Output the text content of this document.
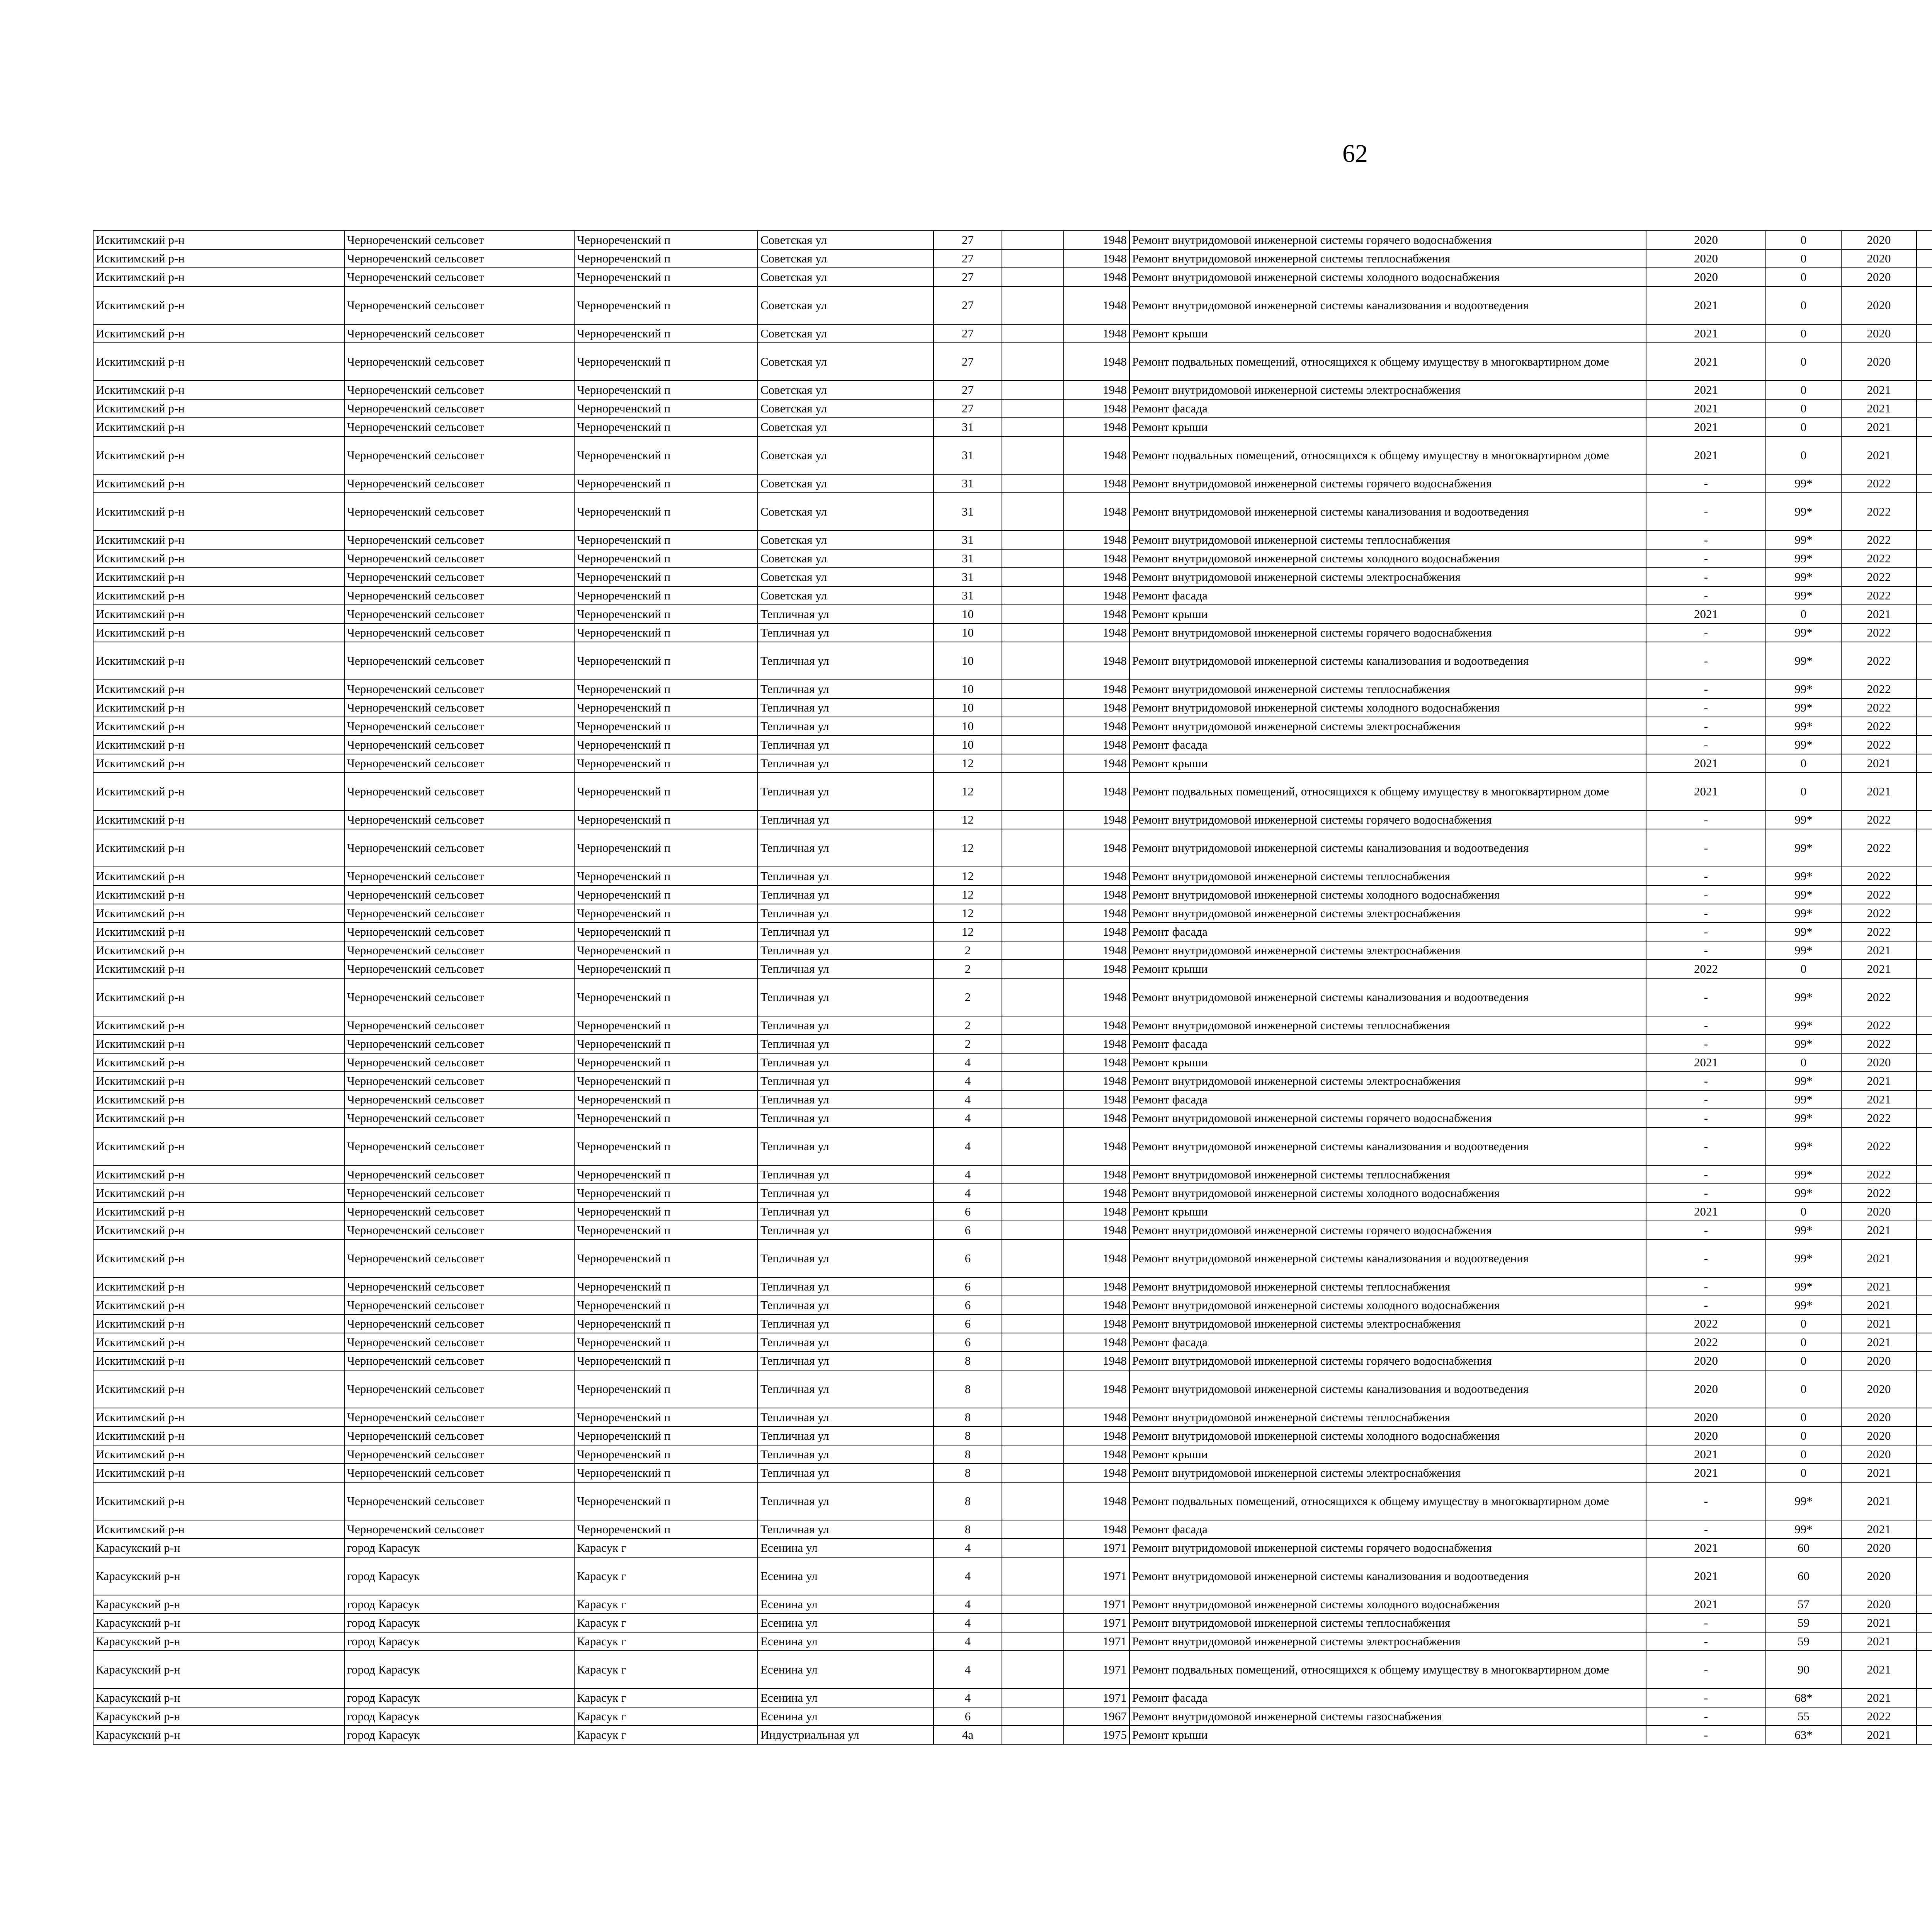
62
Искитимский р-н	Чернореченский сельсовет	Чернореченский п	Советская ул	27		1948	Ремонт внутридомовой инженерной системы горячего водоснабжения	2020	0	2020						
Искитимский р-н	Чернореченский сельсовет	Чернореченский п	Советская ул	27		1948	Ремонт внутридомовой инженерной системы теплоснабжения	2020	0	2020						
Искитимский р-н	Чернореченский сельсовет	Чернореченский п	Советская ул	27		1948	Ремонт внутридомовой инженерной системы холодного водоснабжения	2020	0	2020						
Искитимский р-н	Чернореченский сельсовет	Чернореченский п	Советская ул	27		1948	Ремонт внутридомовой инженерной системы канализования и водоотведения	2021	0	2020						
Искитимский р-н	Чернореченский сельсовет	Чернореченский п	Советская ул	27		1948	Ремонт крыши	2021	0	2020						
Искитимский р-н	Чернореченский сельсовет	Чернореченский п	Советская ул	27		1948	Ремонт подвальных помещений, относящихся к общему имуществу в многоквартирном доме	2021	0	2020						
Искитимский р-н	Чернореченский сельсовет	Чернореченский п	Советская ул	27		1948	Ремонт внутридомовой инженерной системы электроснабжения	2021	0	2021						
Искитимский р-н	Чернореченский сельсовет	Чернореченский п	Советская ул	27		1948	Ремонт фасада	2021	0	2021						
Искитимский р-н	Чернореченский сельсовет	Чернореченский п	Советская ул	31		1948	Ремонт крыши	2021	0	2021						
Искитимский р-н	Чернореченский сельсовет	Чернореченский п	Советская ул	31		1948	Ремонт подвальных помещений, относящихся к общему имуществу в многоквартирном доме	2021	0	2021						
Искитимский р-н	Чернореченский сельсовет	Чернореченский п	Советская ул	31		1948	Ремонт внутридомовой инженерной системы горячего водоснабжения	-	99*	2022						
Искитимский р-н	Чернореченский сельсовет	Чернореченский п	Советская ул	31		1948	Ремонт внутридомовой инженерной системы канализования и водоотведения	-	99*	2022						
Искитимский р-н	Чернореченский сельсовет	Чернореченский п	Советская ул	31		1948	Ремонт внутридомовой инженерной системы теплоснабжения	-	99*	2022						
Искитимский р-н	Чернореченский сельсовет	Чернореченский п	Советская ул	31		1948	Ремонт внутридомовой инженерной системы холодного водоснабжения	-	99*	2022						
Искитимский р-н	Чернореченский сельсовет	Чернореченский п	Советская ул	31		1948	Ремонт внутридомовой инженерной системы электроснабжения	-	99*	2022						
Искитимский р-н	Чернореченский сельсовет	Чернореченский п	Советская ул	31		1948	Ремонт фасада	-	99*	2022						
Искитимский р-н	Чернореченский сельсовет	Чернореченский п	Тепличная ул	10		1948	Ремонт крыши	2021	0	2021						
Искитимский р-н	Чернореченский сельсовет	Чернореченский п	Тепличная ул	10		1948	Ремонт внутридомовой инженерной системы горячего водоснабжения	-	99*	2022						
Искитимский р-н	Чернореченский сельсовет	Чернореченский п	Тепличная ул	10		1948	Ремонт внутридомовой инженерной системы канализования и водоотведения	-	99*	2022						
Искитимский р-н	Чернореченский сельсовет	Чернореченский п	Тепличная ул	10		1948	Ремонт внутридомовой инженерной системы теплоснабжения	-	99*	2022						
Искитимский р-н	Чернореченский сельсовет	Чернореченский п	Тепличная ул	10		1948	Ремонт внутридомовой инженерной системы холодного водоснабжения	-	99*	2022						
Искитимский р-н	Чернореченский сельсовет	Чернореченский п	Тепличная ул	10		1948	Ремонт внутридомовой инженерной системы электроснабжения	-	99*	2022						
Искитимский р-н	Чернореченский сельсовет	Чернореченский п	Тепличная ул	10		1948	Ремонт фасада	-	99*	2022						
Искитимский р-н	Чернореченский сельсовет	Чернореченский п	Тепличная ул	12		1948	Ремонт крыши	2021	0	2021						
Искитимский р-н	Чернореченский сельсовет	Чернореченский п	Тепличная ул	12		1948	Ремонт подвальных помещений, относящихся к общему имуществу в многоквартирном доме	2021	0	2021						
Искитимский р-н	Чернореченский сельсовет	Чернореченский п	Тепличная ул	12		1948	Ремонт внутридомовой инженерной системы горячего водоснабжения	-	99*	2022						
Искитимский р-н	Чернореченский сельсовет	Чернореченский п	Тепличная ул	12		1948	Ремонт внутридомовой инженерной системы канализования и водоотведения	-	99*	2022						
Искитимский р-н	Чернореченский сельсовет	Чернореченский п	Тепличная ул	12		1948	Ремонт внутридомовой инженерной системы теплоснабжения	-	99*	2022						
Искитимский р-н	Чернореченский сельсовет	Чернореченский п	Тепличная ул	12		1948	Ремонт внутридомовой инженерной системы холодного водоснабжения	-	99*	2022						
Искитимский р-н	Чернореченский сельсовет	Чернореченский п	Тепличная ул	12		1948	Ремонт внутридомовой инженерной системы электроснабжения	-	99*	2022						
Искитимский р-н	Чернореченский сельсовет	Чернореченский п	Тепличная ул	12		1948	Ремонт фасада	-	99*	2022						
Искитимский р-н	Чернореченский сельсовет	Чернореченский п	Тепличная ул	2		1948	Ремонт внутридомовой инженерной системы электроснабжения	-	99*	2021						
Искитимский р-н	Чернореченский сельсовет	Чернореченский п	Тепличная ул	2		1948	Ремонт крыши	2022	0	2021						
Искитимский р-н	Чернореченский сельсовет	Чернореченский п	Тепличная ул	2		1948	Ремонт внутридомовой инженерной системы канализования и водоотведения	-	99*	2022						
Искитимский р-н	Чернореченский сельсовет	Чернореченский п	Тепличная ул	2		1948	Ремонт внутридомовой инженерной системы теплоснабжения	-	99*	2022						
Искитимский р-н	Чернореченский сельсовет	Чернореченский п	Тепличная ул	2		1948	Ремонт фасада	-	99*	2022						
Искитимский р-н	Чернореченский сельсовет	Чернореченский п	Тепличная ул	4		1948	Ремонт крыши	2021	0	2020						
Искитимский р-н	Чернореченский сельсовет	Чернореченский п	Тепличная ул	4		1948	Ремонт внутридомовой инженерной системы электроснабжения	-	99*	2021						
Искитимский р-н	Чернореченский сельсовет	Чернореченский п	Тепличная ул	4		1948	Ремонт фасада	-	99*	2021						
Искитимский р-н	Чернореченский сельсовет	Чернореченский п	Тепличная ул	4		1948	Ремонт внутридомовой инженерной системы горячего водоснабжения	-	99*	2022						
Искитимский р-н	Чернореченский сельсовет	Чернореченский п	Тепличная ул	4		1948	Ремонт внутридомовой инженерной системы канализования и водоотведения	-	99*	2022						
Искитимский р-н	Чернореченский сельсовет	Чернореченский п	Тепличная ул	4		1948	Ремонт внутридомовой инженерной системы теплоснабжения	-	99*	2022						
Искитимский р-н	Чернореченский сельсовет	Чернореченский п	Тепличная ул	4		1948	Ремонт внутридомовой инженерной системы холодного водоснабжения	-	99*	2022						
Искитимский р-н	Чернореченский сельсовет	Чернореченский п	Тепличная ул	6		1948	Ремонт крыши	2021	0	2020						
Искитимский р-н	Чернореченский сельсовет	Чернореченский п	Тепличная ул	6		1948	Ремонт внутридомовой инженерной системы горячего водоснабжения	-	99*	2021						
Искитимский р-н	Чернореченский сельсовет	Чернореченский п	Тепличная ул	6		1948	Ремонт внутридомовой инженерной системы канализования и водоотведения	-	99*	2021						
Искитимский р-н	Чернореченский сельсовет	Чернореченский п	Тепличная ул	6		1948	Ремонт внутридомовой инженерной системы теплоснабжения	-	99*	2021						
Искитимский р-н	Чернореченский сельсовет	Чернореченский п	Тепличная ул	6		1948	Ремонт внутридомовой инженерной системы холодного водоснабжения	-	99*	2021						
Искитимский р-н	Чернореченский сельсовет	Чернореченский п	Тепличная ул	6		1948	Ремонт внутридомовой инженерной системы электроснабжения	2022	0	2021						
Искитимский р-н	Чернореченский сельсовет	Чернореченский п	Тепличная ул	6		1948	Ремонт фасада	2022	0	2021						
Искитимский р-н	Чернореченский сельсовет	Чернореченский п	Тепличная ул	8		1948	Ремонт внутридомовой инженерной системы горячего водоснабжения	2020	0	2020						
Искитимский р-н	Чернореченский сельсовет	Чернореченский п	Тепличная ул	8		1948	Ремонт внутридомовой инженерной системы канализования и водоотведения	2020	0	2020						
Искитимский р-н	Чернореченский сельсовет	Чернореченский п	Тепличная ул	8		1948	Ремонт внутридомовой инженерной системы теплоснабжения	2020	0	2020						
Искитимский р-н	Чернореченский сельсовет	Чернореченский п	Тепличная ул	8		1948	Ремонт внутридомовой инженерной системы холодного водоснабжения	2020	0	2020						
Искитимский р-н	Чернореченский сельсовет	Чернореченский п	Тепличная ул	8		1948	Ремонт крыши	2021	0	2020						
Искитимский р-н	Чернореченский сельсовет	Чернореченский п	Тепличная ул	8		1948	Ремонт внутридомовой инженерной системы электроснабжения	2021	0	2021						
Искитимский р-н	Чернореченский сельсовет	Чернореченский п	Тепличная ул	8		1948	Ремонт подвальных помещений, относящихся к общему имуществу в многоквартирном доме	-	99*	2021						
Искитимский р-н	Чернореченский сельсовет	Чернореченский п	Тепличная ул	8		1948	Ремонт фасада	-	99*	2021						
Карасукский р-н	город Карасук	Карасук г	Есенина ул	4		1971	Ремонт внутридомовой инженерной системы горячего водоснабжения	2021	60	2020						
Карасукский р-н	город Карасук	Карасук г	Есенина ул	4		1971	Ремонт внутридомовой инженерной системы канализования и водоотведения	2021	60	2020						
Карасукский р-н	город Карасук	Карасук г	Есенина ул	4		1971	Ремонт внутридомовой инженерной системы холодного водоснабжения	2021	57	2020						
Карасукский р-н	город Карасук	Карасук г	Есенина ул	4		1971	Ремонт внутридомовой инженерной системы теплоснабжения	-	59	2021						
Карасукский р-н	город Карасук	Карасук г	Есенина ул	4		1971	Ремонт внутридомовой инженерной системы электроснабжения	-	59	2021						
Карасукский р-н	город Карасук	Карасук г	Есенина ул	4		1971	Ремонт подвальных помещений, относящихся к общему имуществу в многоквартирном доме	-	90	2021						
Карасукский р-н	город Карасук	Карасук г	Есенина ул	4		1971	Ремонт фасада	-	68*	2021						
Карасукский р-н	город Карасук	Карасук г	Есенина ул	6		1967	Ремонт внутридомовой инженерной системы газоснабжения	-	55	2022						
Карасукский р-н	город Карасук	Карасук г	Индустриальная ул	4а		1975	Ремонт крыши	-	63*	2021						
